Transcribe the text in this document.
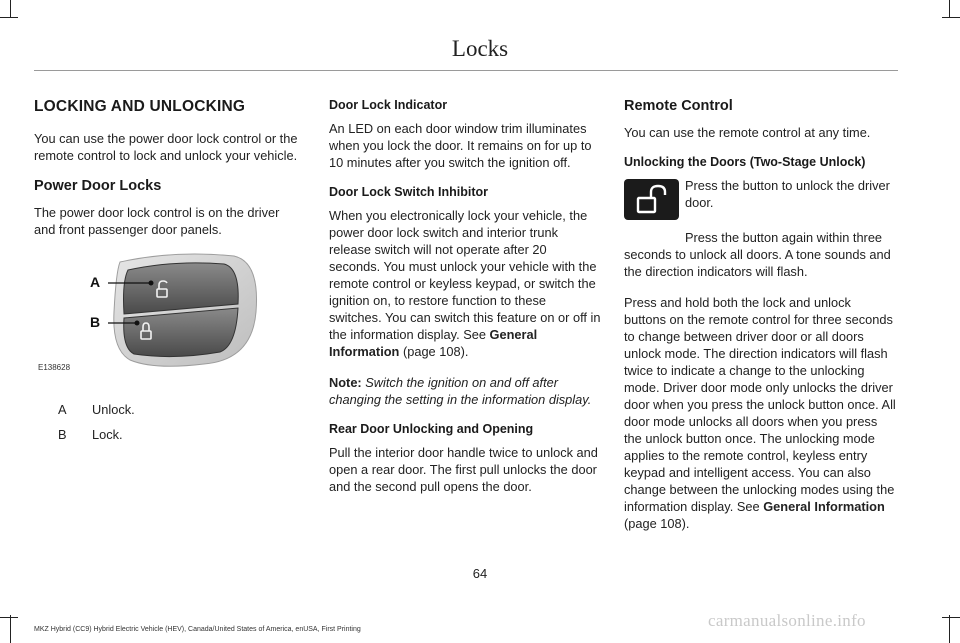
Locks
LOCKING AND UNLOCKING

You can use the power door lock control or the remote control to lock and unlock your vehicle.

Power Door Locks

The power door lock control is on the driver and front passenger door panels.

A
B
E138628
A	Unlock.
B	Lock.
Door Lock Indicator

An LED on each door window trim illuminates when you lock the door. It remains on for up to 10 minutes after you switch the ignition off.

Door Lock Switch Inhibitor

When you electronically lock your vehicle, the power door lock switch and interior trunk release switch will not operate after 20 seconds. You must unlock your vehicle with the remote control or keyless keypad, or switch the ignition on, to restore function to these switches. You can switch this feature on or off in the information display. See General Information (page 108).

Note: Switch the ignition on and off after changing the setting in the information display.

Rear Door Unlocking and Opening

Pull the interior door handle twice to unlock and open a rear door. The first pull unlocks the door and the second pull opens the door.

Remote Control

You can use the remote control at any time.

Unlocking the Doors (Two-Stage Unlock)

Press the button to unlock the driver door.

Press the button again within three seconds to unlock all doors. A tone sounds and the direction indicators will flash.

Press and hold both the lock and unlock buttons on the remote control for three seconds to change between driver door or all doors unlock mode. The direction indicators will flash twice to indicate a change to the unlocking mode. Driver door mode only unlocks the driver door when you press the unlock button once. All door mode unlocks all doors when you press the unlock button once. The unlocking mode applies to the remote control, keyless entry keypad and intelligent access. You can also change between the unlocking modes using the information display. See General Information (page 108).

64
MKZ Hybrid (CC9) Hybrid Electric Vehicle (HEV), Canada/United States of America, enUSA, First Printing	carmanualsonline.info
